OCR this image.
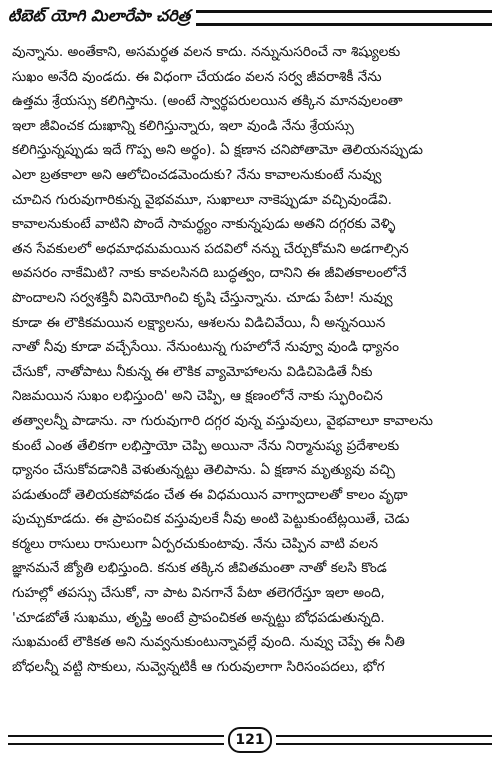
టిబెట్ యోగి మిలారేపా చరిత్ర
వున్నాను. అంతేకాని, అసమర్థత వలన కాదు. నన్నునుసరించే నా శిష్యులకు
సుఖం అనేది వుండదు. ఈ విధంగా చేయడం వలన సర్వ జీవరాశికీ నేను
ఉత్తమ శ్రేయస్సు కలిగిస్తాను. (అంటే స్వార్థపరులయిన తక్కిన మానవులంతా
ఇలా జీవించక దుఃఖాన్ని కలిగిస్తున్నారు, ఇలా వుండి నేను శ్రేయస్సు
కలిగిస్తున్నప్పుడు ఇదే గొప్ప అని అర్థం). ఏ క్షణాన చనిపోతామో తెలియనప్పుడు
ఎలా బ్రతకాలా అని ఆలోచించడమెందుకు? నేను కావాలనుకుంటే నువ్వు
చూచిన గురువుగారికున్న వైభవమూ, సుఖాలూ నాకెప్పుడూ వచ్చివుండేవి.
కావాలనుకుంటే వాటిని పొందే సామర్థ్యం నాకున్నపుడు అతని దగ్గరకు వెళ్ళి
తన సేవకులలో అధమాధమమయిన పదవిలో నన్ను చేర్చుకోమని అడగాల్సిన
అవసరం నాకేమిటి? నాకు కావలసినది బుద్ధత్వం, దానిని ఈ జీవితకాలంలోనే
పొందాలని సర్వశక్తినీ వినియోగించి కృషి చేస్తున్నాను. చూడు పేటా! నువ్వు
కూడా ఈ లౌకికమయిన లక్ష్యాలను, ఆశలను విడిచివేయి, నీ అన్ననయిన
నాతో నీవు కూడా వచ్చేసేయి. నేనుంటున్న గుహలోనే నువ్వూ వుండి ధ్యానం
చేసుకో, నాతోపాటు నీకున్న ఈ లౌకిక వ్యామోహాలను విడిచిపెడితే నీకు
నిజమయిన సుఖం లభిస్తుంది' అని చెప్పి, ఆ క్షణంలోనే నాకు స్ఫురించిన
తత్వాలన్నీ పాడాను. నా గురువుగారి దగ్గర వున్న వస్తువులు, వైభవాలూ కావాలను
కుంటే ఎంత తేలికగా లభిస్తాయో చెప్పి అయినా నేను నిర్మానుష్య ప్రదేశాలకు
ధ్యానం చేసుకోవడానికి వెళుతున్నట్టు తెలిపాను. ఏ క్షణాన మృత్యువు వచ్చి
పడుతుందో తెలియకపోవడం చేత ఈ విధమయిన వాగ్వాదాలతో కాలం వృథా
పుచ్చుకూడదు. ఈ ప్రాపంచిక వస్తువులకే నీవు అంటి పెట్టుకుంటేట్లయితే, చెడు
కర్మలు రాసులు రాసులుగా ఏర్పరచుకుంటావు. నేను చెప్పిన వాటి వలన
జ్ఞానమనే జ్యోతి లభిస్తుంది. కనుక తక్కిన జీవితమంతా నాతో కలసి కొండ
గుహల్లో తపస్సు చేసుకో, నా పాట వినగానే పేటా తలెగరేస్తూ ఇలా అంది,
'చూడబోతే సుఖము, తృప్తి అంటే ప్రాపంచికత అన్నట్టు బోధపడుతున్నది.
సుఖమంటే లౌకికత అని నువ్వనుకుంటున్నావల్లే వుంది. నువ్వు చెప్పే ఈ నీతి
బోధలన్నీ వట్టి సొకులు, నువ్వెన్నటికీ ఆ గురువులాగా సిరిసంపదలు, భోగ
121
